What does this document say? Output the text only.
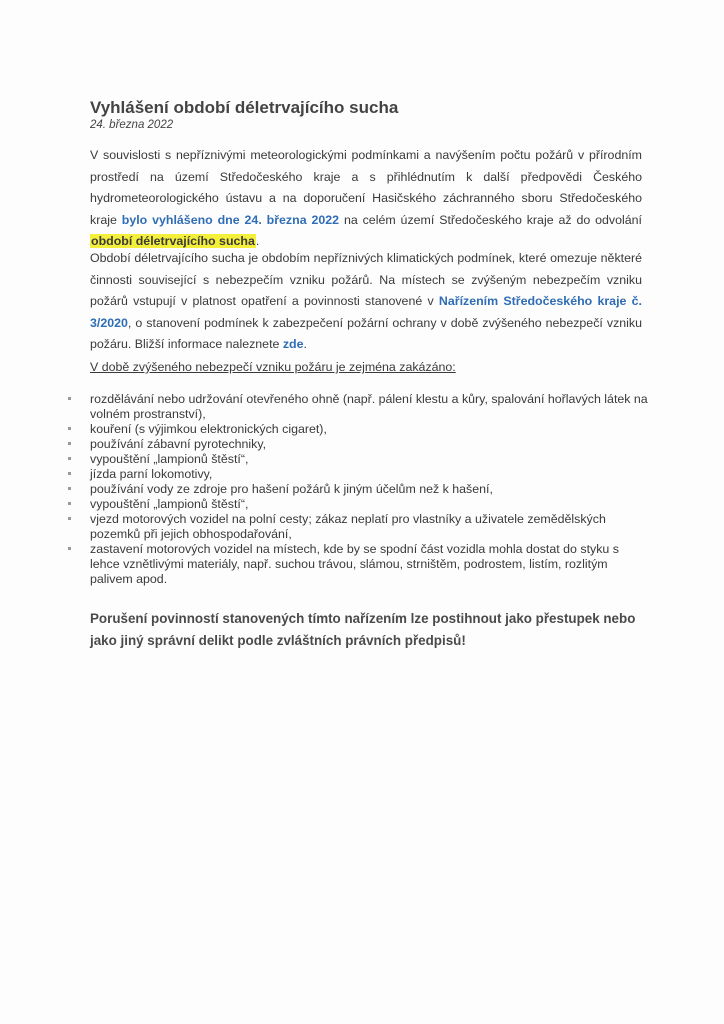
Vyhlášení období déletrvajícího sucha
24. března 2022

V souvislosti s nepříznivými meteorologickými podmínkami a navýšením počtu požárů v přírodním prostředí na území Středočeského kraje a s přihlédnutím k další předpovědi Českého hydrometeorologického ústavu a na doporučení Hasičského záchranného sboru Středočeského kraje bylo vyhlášeno dne 24. března 2022 na celém území Středočeského kraje až do odvolání období déletrvajícího sucha.

Období déletrvajícího sucha je obdobím nepříznivých klimatických podmínek, které omezuje některé činnosti související s nebezpečím vzniku požárů. Na místech se zvýšeným nebezpečím vzniku požárů vstupují v platnost opatření a povinnosti stanovené v Nařízením Středočeského kraje č. 3/2020, o stanovení podmínek k zabezpečení požární ochrany v době zvýšeného nebezpečí vzniku požáru. Bližší informace naleznete zde.

V době zvýšeného nebezpečí vzniku požáru je zejména zakázáno:

rozdělávání nebo udržování otevřeného ohně (např. pálení klestu a kůry, spalování hořlavých látek na volném prostranství),
kouření (s výjimkou elektronických cigaret),
používání zábavní pyrotechniky,
vypouštění „lampionů štěstí“,
jízda parní lokomotivy,
používání vody ze zdroje pro hašení požárů k jiným účelům než k hašení,
vypouštění „lampionů štěstí“,
vjezd motorových vozidel na polní cesty; zákaz neplatí pro vlastníky a uživatele zemědělských pozemků při jejich obhospodařování,
zastavení motorových vozidel na místech, kde by se spodní část vozidla mohla dostat do styku s lehce vznětlivými materiály, např. suchou trávou, slámou, strništěm, podrostem, listím, rozlitým palivem apod.

Porušení povinností stanovených tímto nařízením lze postihnout jako přestupek nebo jako jiný správní delikt podle zvláštních právních předpisů!
